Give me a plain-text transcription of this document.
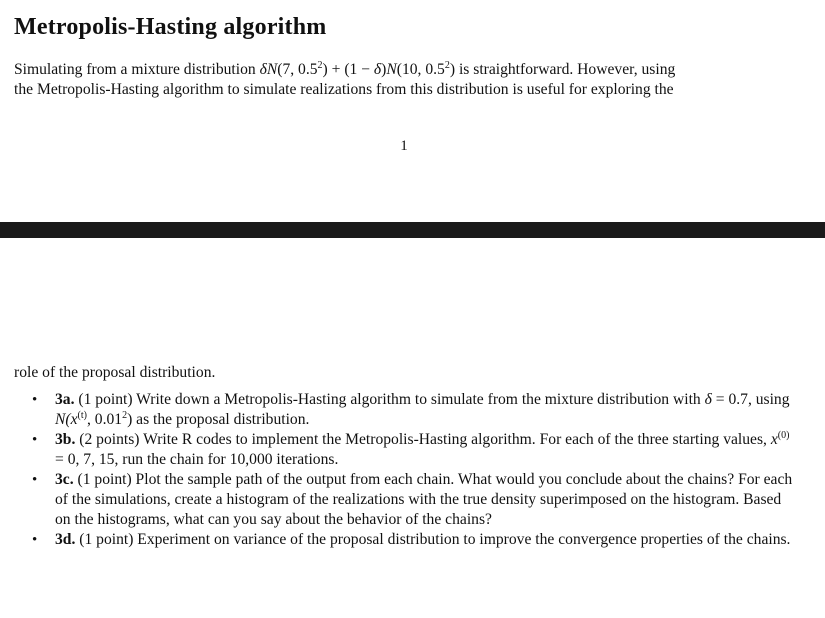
Metropolis-Hasting algorithm

Simulating from a mixture distribution δN(7, $0.5^2) + (1 - \delta)N(10$, $0.5^2$) is straightforward. However, using
the Metropolis-Hasting algorithm to simulate realizations from this distribution is useful for exploring the

1

role of the proposal distribution.

• 3a. (1 point) Write down a Metropolis-Hasting algorithm to simulate from the mixture distribution with δ = 0.7, using $N(x^{(t)}$, 0.01$^2$) as the proposal distribution.
• 3b. (2 points) Write R codes to implement the Metropolis-Hasting algorithm. For each of the three starting values, $x^{(0)} = 0$, 7, 15, run the chain for 10,000 iterations.
• 3c. (1 point) Plot the sample path of the output from each chain. What would you conclude about the chains? For each of the simulations, create a histogram of the realizations with the true density superimposed on the histogram. Based on the histograms, what can you say about the behavior of the chains?
• 3d. (1 point) Experiment on variance of the proposal distribution to improve the convergence properties of the chains.
